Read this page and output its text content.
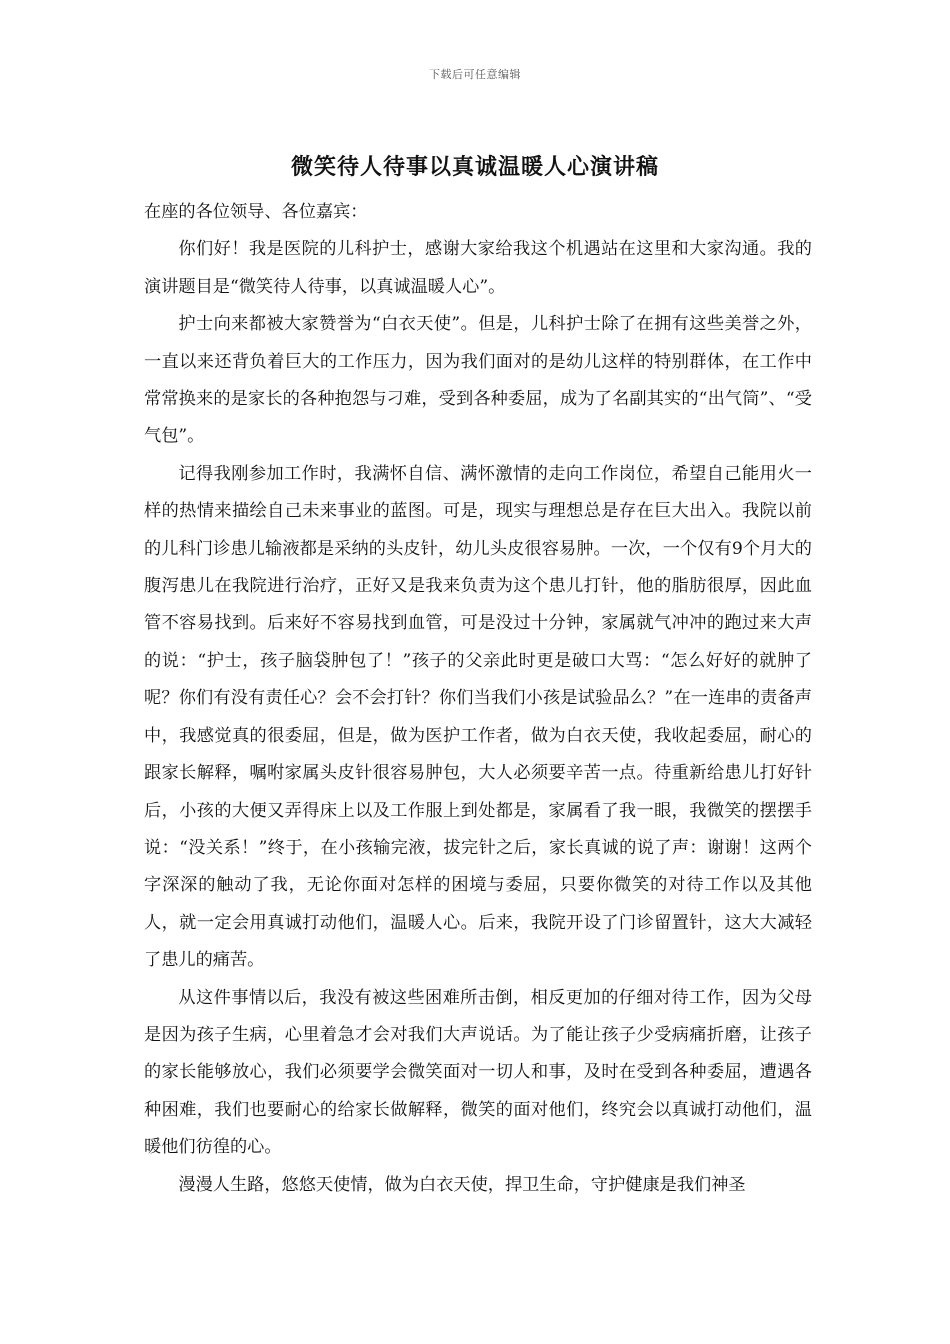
下载后可任意编辑
微笑待人待事以真诚温暖人心演讲稿

在座的各位领导、各位嘉宾：

你们好！我是医院的儿科护士，感谢大家给我这个机遇站在这里和大家沟通。我的演讲题目是“微笑待人待事，以真诚温暖人心”。

护士向来都被大家赞誉为“白衣天使”。但是，儿科护士除了在拥有这些美誉之外，一直以来还背负着巨大的工作压力，因为我们面对的是幼儿这样的特别群体，在工作中常常换来的是家长的各种抱怨与刁难，受到各种委屈，成为了名副其实的“出气筒”、“受气包”。

记得我刚参加工作时，我满怀自信、满怀激情的走向工作岗位，希望自己能用火一样的热情来描绘自己未来事业的蓝图。可是，现实与理想总是存在巨大出入。我院以前的儿科门诊患儿输液都是采纳的头皮针，幼儿头皮很容易肿。一次，一个仅有9个月大的腹泻患儿在我院进行治疗，正好又是我来负责为这个患儿打针，他的脂肪很厚，因此血管不容易找到。后来好不容易找到血管，可是没过十分钟，家属就气冲冲的跑过来大声的说：“护士，孩子脑袋肿包了！”孩子的父亲此时更是破口大骂：“怎么好好的就肿了呢？你们有没有责任心？会不会打针？你们当我们小孩是试验品么？”在一连串的责备声中，我感觉真的很委屈，但是，做为医护工作者，做为白衣天使，我收起委屈，耐心的跟家长解释，嘱咐家属头皮针很容易肿包，大人必须要辛苦一点。待重新给患儿打好针后，小孩的大便又弄得床上以及工作服上到处都是，家属看了我一眼，我微笑的摆摆手说：“没关系！”终于，在小孩输完液，拔完针之后，家长真诚的说了声：谢谢！这两个字深深的触动了我，无论你面对怎样的困境与委屈，只要你微笑的对待工作以及其他人，就一定会用真诚打动他们，温暖人心。后来，我院开设了门诊留置针，这大大减轻了患儿的痛苦。

从这件事情以后，我没有被这些困难所击倒，相反更加的仔细对待工作，因为父母是因为孩子生病，心里着急才会对我们大声说话。为了能让孩子少受病痛折磨，让孩子的家长能够放心，我们必须要学会微笑面对一切人和事，及时在受到各种委屈，遭遇各种困难，我们也要耐心的给家长做解释，微笑的面对他们，终究会以真诚打动他们，温暖他们彷徨的心。

漫漫人生路，悠悠天使情，做为白衣天使，捍卫生命，守护健康是我们神圣
